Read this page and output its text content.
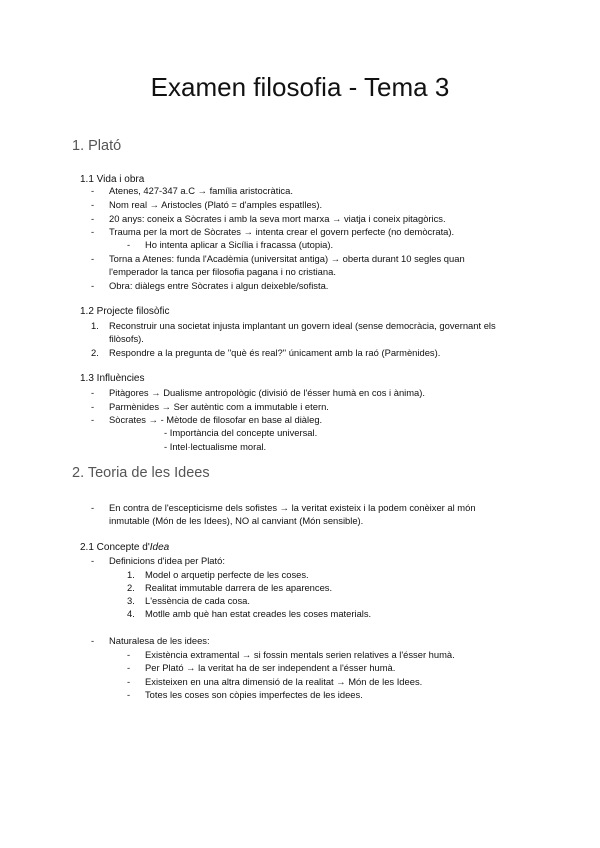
Examen filosofia - Tema 3
1. Plató
1.1 Vida i obra
- Atenes, 427-347 a.C → família aristocràtica.
- Nom real → Aristocles (Plató = d'amples espatlles).
- 20 anys: coneix a Sòcrates i amb la seva mort marxa → viatja i coneix pitagòrics.
- Trauma per la mort de Sòcrates → intenta crear el govern perfecte (no demòcrata).
- Ho intenta aplicar a Sicília i fracassa (utopia).
- Torna a Atenes: funda l'Acadèmia (universitat antiga) → oberta durant 10 segles quan
l'emperador la tanca per filosofia pagana i no cristiana.
- Obra: diàlegs entre Sòcrates i algun deixeble/sofista.
1.2 Projecte filosòfic
1. Reconstruir una societat injusta implantant un govern ideal (sense democràcia, governant els
filòsofs).
2. Respondre a la pregunta de "què és real?" únicament amb la raó (Parmènides).
1.3 Influències
- Pitàgores → Dualisme antropològic (divisió de l'ésser humà en cos i ànima).
- Parmènides → Ser autèntic com a immutable i etern.
- Sòcrates → - Mètode de filosofar en base al diàleg.
- Importància del concepte universal.
- Intel·lectualisme moral.
2. Teoria de les Idees
- En contra de l'escepticisme dels sofistes → la veritat existeix i la podem conèixer al món
inmutable (Món de les Idees), NO al canviant (Món sensible).
2.1 Concepte d'Idea
- Definicions d'idea per Plató:
1. Model o arquetip perfecte de les coses.
2. Realitat immutable darrera de les aparences.
3. L'essència de cada cosa.
4. Motlle amb què han estat creades les coses materials.
- Naturalesa de les idees:
- Existència extramental → si fossin mentals serien relatives a l'ésser humà.
- Per Plató → la veritat ha de ser independent a l'ésser humà.
- Existeixen en una altra dimensió de la realitat → Món de les Idees.
- Totes les coses son còpies imperfectes de les idees.
